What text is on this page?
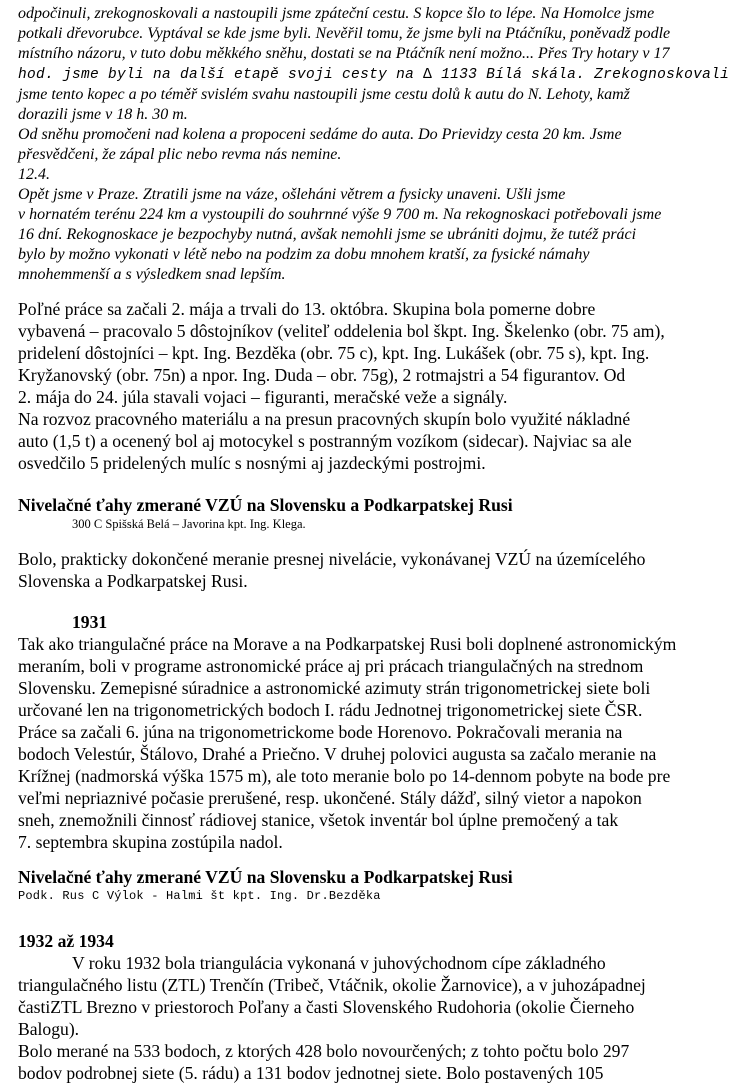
odpočinuli, zrekognoskovali a nastoupili jsme zpáteční cestu. S kopce šlo to lépe. Na Homolce jsme
potkali dřevorubce. Vyptával se kde jsme byli. Nevěřil tomu, že jsme byli na Ptáčníku, poněvadž podle
místního názoru, v tuto dobu měkkého sněhu, dostati se na Ptáčník není možno... Přes Try hotary v 17
hod. jsme byli na další etapě svoji cesty na ∆ 1133 Bílá skála. Zrekognoskovali
jsme tento kopec a po téměř svislém svahu nastoupili jsme cestu dolů k autu do N. Lehoty, kamž
dorazili jsme v 18 h. 30 m.
Od sněhu promočeni nad kolena a propoceni sedáme do auta. Do Prievidzy cesta 20 km. Jsme
přesvědčeni, že zápal plic nebo revma nás nemine.
12.4.
Opět jsme v Praze. Ztratili jsme na váze, ošleháni větrem a fysicky unaveni. Ušli jsme
v hornatém terénu 224 km a vystoupili do souhrnné výše 9 700 m. Na rekognoskaci potřebovali jsme
16 dní. Rekognoskace je bezpochyby nutná, avšak nemohli jsme se ubrániti dojmu, že tutéž práci
bylo by možno vykonati v létě nebo na podzim za dobu mnohem kratší, za fysické námahy
mnohemmenší a s výsledkem snad lepším.
Poľné práce sa začali 2. mája a trvali do 13. októbra. Skupina bola pomerne dobre
vybavená – pracovalo 5 dôstojníkov (veliteľ oddelenia bol škpt. Ing. Škelenko (obr. 75 am),
pridelení dôstojníci – kpt. Ing. Bezděka (obr. 75 c), kpt. Ing. Lukášek (obr. 75 s), kpt. Ing.
Kryžanovský (obr. 75n) a npor. Ing. Duda – obr. 75g), 2 rotmajstri a 54 figurantov. Od
2. mája do 24. júla stavali vojaci – figuranti, meračské veže a signály.
Na rozvoz pracovného materiálu a na presun pracovných skupín bolo využité nákladné
auto (1,5 t) a ocenený bol aj motocykel s postranným vozíkom (sidecar). Najviac sa ale
osvedčilo 5 pridelených mulíc s nosnými aj jazdeckými postrojmi.
Nivelačné ťahy zmerané VZÚ na Slovensku a Podkarpatskej Rusi
300 C Spišská Belá – Javorina kpt. Ing. Klega.
Bolo, prakticky dokončené meranie presnej nivelácie, vykonávanej VZÚ na územícelého
Slovenska a Podkarpatskej Rusi.
1931
Tak ako triangulačné práce na Morave a na Podkarpatskej Rusi boli doplnené astronomickým
meraním, boli v programe astronomické práce aj pri prácach triangulačných na strednom
Slovensku. Zemepisné súradnice a astronomické azimuty strán trigonometrickej siete boli
určované len na trigonometrických bodoch I. rádu Jednotnej trigonometrickej siete ČSR.
Práce sa začali 6. júna na trigonometrickome bode Horenovo. Pokračovali merania na
bodoch Velestúr, Štálovo, Drahé a Priečno. V druhej polovici augusta sa začalo meranie na
Krížnej (nadmorská výška 1575 m), ale toto meranie bolo po 14-dennom pobyte na bode pre
veľmi nepriaznivé počasie prerušené, resp. ukončené. Stály dážď, silný vietor a napokon
sneh, znemožnili činnosť rádiovej stanice, všetok inventár bol úplne premočený a tak
7. septembra skupina zostúpila nadol.
Nivelačné ťahy zmerané VZÚ na Slovensku a Podkarpatskej Rusi
Podk. Rus C Výlok - Halmi št kpt. Ing. Dr.Bezděka
1932 až 1934
V roku 1932 bola triangulácia vykonaná v juhovýchodnom cípe základného
triangulačného listu (ZTL) Trenčín (Tribeč, Vtáčnik, okolie Žarnovice), a v juhozápadnej
častiZTL Brezno v priestoroch Poľany a časti Slovenského Rudohoria (okolie Čierneho
Balogu).
Bolo merané na 533 bodoch, z ktorých 428 bolo novourčených; z tohto počtu bolo 297
bodov podrobnej siete (5. rádu) a 131 bodov jednotnej siete. Bolo postavených 105
